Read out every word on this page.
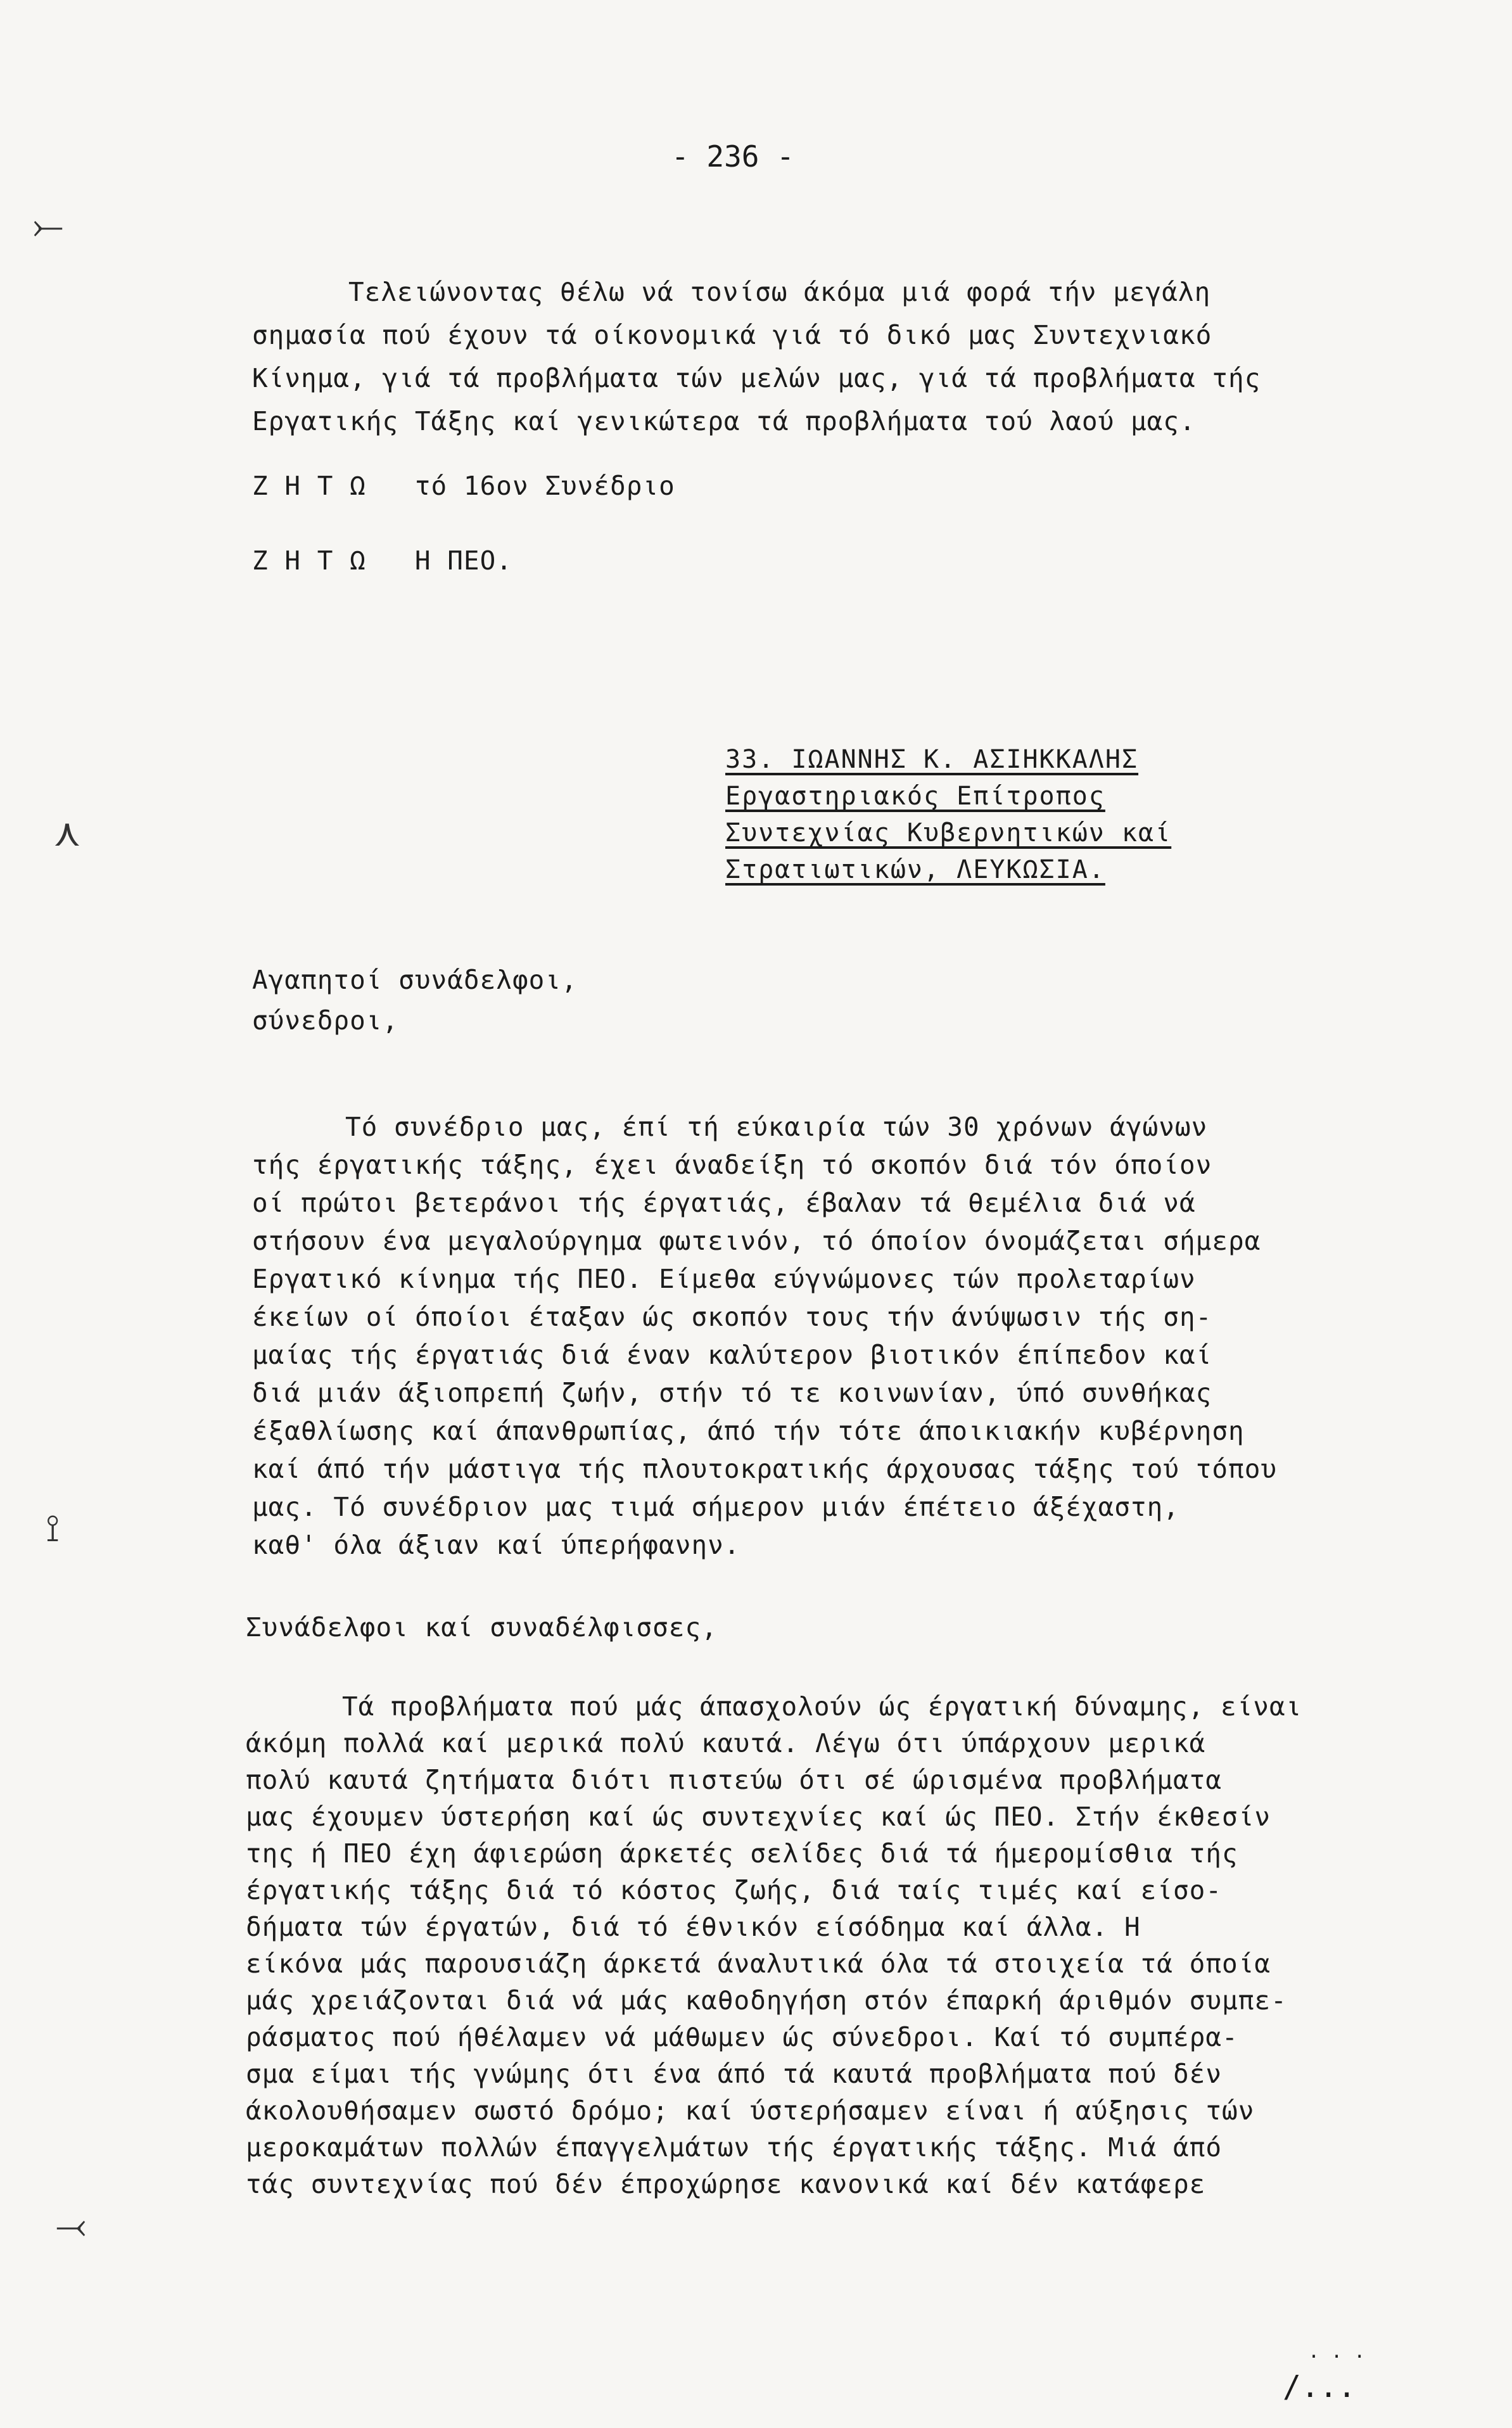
⤚
⋏
⟟
⤙
- 236 -
Τελειώνοντας θέλω νά τονίσω άκόμα μιά φορά τήν μεγάλη
σημασία πού έχουν τά οίκονομικά γιά τό δικό μας Συντεχνιακό
Κίνημα, γιά τά προβλήματα τών μελών μας, γιά τά προβλήματα τής
Εργατικής Τάξης καί γενικώτερα τά προβλήματα τού λαού μας.
Ζ Η Τ Ω   τό 16ον Συνέδριο
Ζ Η Τ Ω   Η ΠΕΟ.
33. ΙΩΑΝΝΗΣ Κ. ΑΣΙΗΚΚΑΛΗΣ
Εργαστηριακός Επίτροπος
Συντεχνίας Κυβερνητικών καί
Στρατιωτικών, ΛΕΥΚΩΣΙΑ.
Αγαπητοί συνάδελφοι,
σύνεδροι,
Τό συνέδριο μας, έπί τή εύκαιρία τών 30 χρόνων άγώνων
τής έργατικής τάξης, έχει άναδείξη τό σκοπόν διά τόν όποίον
οί πρώτοι βετεράνοι τής έργατιάς, έβαλαν τά θεμέλια διά νά
στήσουν ένα μεγαλούργημα φωτεινόν, τό όποίον όνομάζεται σήμερα
Εργατικό κίνημα τής ΠΕΟ. Είμεθα εύγνώμονες τών προλεταρίων
έκείων οί όποίοι έταξαν ώς σκοπόν τους τήν άνύψωσιν τής ση-
μαίας τής έργατιάς διά έναν καλύτερον βιοτικόν έπίπεδον καί
διά μιάν άξιοπρεπή ζωήν, στήν τό τε κοινωνίαν, ύπό συνθήκας
έξαθλίωσης καί άπανθρωπίας, άπό τήν τότε άποικιακήν κυβέρνηση
καί άπό τήν μάστιγα τής πλουτοκρατικής άρχουσας τάξης τού τόπου
μας. Τό συνέδριον μας τιμά σήμερον μιάν έπέτειο άξέχαστη,
καθ' όλα άξιαν καί ύπερήφανην.
Συνάδελφοι καί συναδέλφισσες,
Τά προβλήματα πού μάς άπασχολούν ώς έργατική δύναμης, είναι
άκόμη πολλά καί μερικά πολύ καυτά. Λέγω ότι ύπάρχουν μερικά
πολύ καυτά ζητήματα διότι πιστεύω ότι σέ ώρισμένα προβλήματα
μας έχουμεν ύστερήση καί ώς συντεχνίες καί ώς ΠΕΟ. Στήν έκθεσίν
της ή ΠΕΟ έχη άφιερώση άρκετές σελίδες διά τά ήμερομίσθια τής
έργατικής τάξης διά τό κόστος ζωής, διά ταίς τιμές καί είσο-
δήματα τών έργατών, διά τό έθνικόν είσόδημα καί άλλα. Η
είκόνα μάς παρουσιάζη άρκετά άναλυτικά όλα τά στοιχεία τά όποία
μάς χρειάζονται διά νά μάς καθοδηγήση στόν έπαρκή άριθμόν συμπε-
ράσματος πού ήθέλαμεν νά μάθωμεν ώς σύνεδροι. Καί τό συμπέρα-
σμα είμαι τής γνώμης ότι ένα άπό τά καυτά προβλήματα πού δέν
άκολουθήσαμεν σωστό δρόμο; καί ύστερήσαμεν είναι ή αύξησις τών
μεροκαμάτων πολλών έπαγγελμάτων τής έργατικής τάξης. Μιά άπό
τάς συντεχνίας πού δέν έπροχώρησε κανονικά καί δέν κατάφερε
. . .
/...
